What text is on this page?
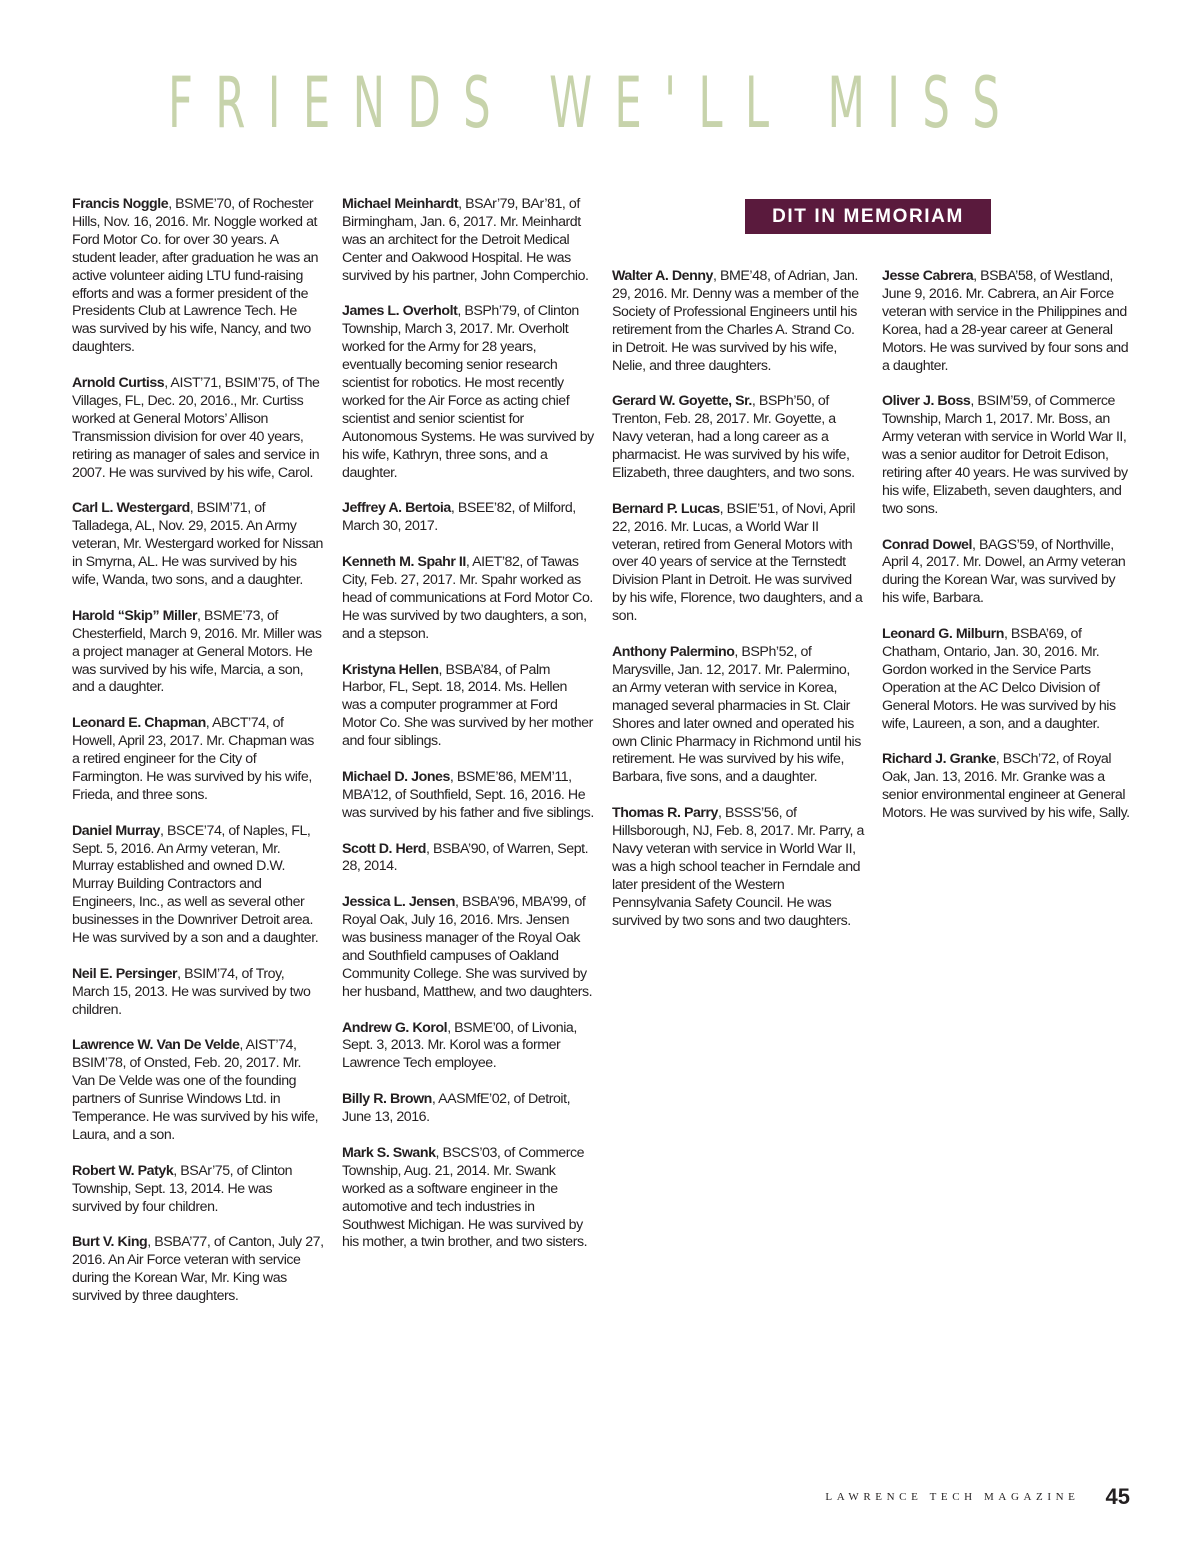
FRIENDS WE'LL MISS
DIT IN MEMORIAM

Francis Noggle, BSME’70, of Rochester Hills, Nov. 16, 2016. Mr. Noggle worked at Ford Motor Co. for over 30 years. A student leader, after graduation he was an active volunteer aiding LTU fund-raising efforts and was a former president of the Presidents Club at Lawrence Tech. He was survived by his wife, Nancy, and two daughters.

Arnold Curtiss, AIST’71, BSIM’75, of The Villages, FL, Dec. 20, 2016., Mr. Curtiss worked at General Motors’ Allison Transmission division for over 40 years, retiring as manager of sales and service in 2007. He was survived by his wife, Carol.

Carl L. Westergard, BSIM’71, of Talladega, AL, Nov. 29, 2015. An Army veteran, Mr. Westergard worked for Nissan in Smyrna, AL. He was survived by his wife, Wanda, two sons, and a daughter.

Harold “Skip” Miller, BSME’73, of Chesterfield, March 9, 2016. Mr. Miller was a project manager at General Motors. He was survived by his wife, Marcia, a son, and a daughter.

Leonard E. Chapman, ABCT’74, of Howell, April 23, 2017. Mr. Chapman was a retired engineer for the City of Farmington. He was survived by his wife, Frieda, and three sons.

Daniel Murray, BSCE’74, of Naples, FL, Sept. 5, 2016. An Army veteran, Mr. Murray established and owned D.W. Murray Building Contractors and Engineers, Inc., as well as several other businesses in the Downriver Detroit area. He was survived by a son and a daughter.

Neil E. Persinger, BSIM’74, of Troy, March 15, 2013. He was survived by two children.

Lawrence W. Van De Velde, AIST’74, BSIM’78, of Onsted, Feb. 20, 2017. Mr. Van De Velde was one of the founding partners of Sunrise Windows Ltd. in Temperance. He was survived by his wife, Laura, and a son.

Robert W. Patyk, BSAr’75, of Clinton Township, Sept. 13, 2014. He was survived by four children.

Burt V. King, BSBA’77, of Canton, July 27, 2016. An Air Force veteran with service during the Korean War, Mr. King was survived by three daughters.

Michael Meinhardt, BSAr’79, BAr’81, of Birmingham, Jan. 6, 2017. Mr. Meinhardt was an architect for the Detroit Medical Center and Oakwood Hospital. He was survived by his partner, John Comperchio.

James L. Overholt, BSPh’79, of Clinton Township, March 3, 2017. Mr. Overholt worked for the Army for 28 years, eventually becoming senior research scientist for robotics. He most recently worked for the Air Force as acting chief scientist and senior scientist for Autonomous Systems. He was survived by his wife, Kathryn, three sons, and a daughter.

Jeffrey A. Bertoia, BSEE’82, of Milford, March 30, 2017.

Kenneth M. Spahr II, AIET’82, of Tawas City, Feb. 27, 2017. Mr. Spahr worked as head of communications at Ford Motor Co. He was survived by two daughters, a son, and a stepson.

Kristyna Hellen, BSBA’84, of Palm Harbor, FL, Sept. 18, 2014. Ms. Hellen was a computer programmer at Ford Motor Co. She was survived by her mother and four siblings.

Michael D. Jones, BSME’86, MEM’11, MBA’12, of Southfield, Sept. 16, 2016. He was survived by his father and five siblings.

Scott D. Herd, BSBA’90, of Warren, Sept. 28, 2014.

Jessica L. Jensen, BSBA’96, MBA’99, of Royal Oak, July 16, 2016. Mrs. Jensen was business manager of the Royal Oak and Southfield campuses of Oakland Community College. She was survived by her husband, Matthew, and two daughters.

Andrew G. Korol, BSME’00, of Livonia, Sept. 3, 2013. Mr. Korol was a former Lawrence Tech employee.

Billy R. Brown, AASMfE’02, of Detroit, June 13, 2016.

Mark S. Swank, BSCS’03, of Commerce Township, Aug. 21, 2014. Mr. Swank worked as a software engineer in the automotive and tech industries in Southwest Michigan. He was survived by his mother, a twin brother, and two sisters.

Walter A. Denny, BME’48, of Adrian, Jan. 29, 2016. Mr. Denny was a member of the Society of Professional Engineers until his retirement from the Charles A. Strand Co. in Detroit. He was survived by his wife, Nelie, and three daughters.

Gerard W. Goyette, Sr., BSPh’50, of Trenton, Feb. 28, 2017. Mr. Goyette, a Navy veteran, had a long career as a pharmacist. He was survived by his wife, Elizabeth, three daughters, and two sons.

Bernard P. Lucas, BSIE’51, of Novi, April 22, 2016. Mr. Lucas, a World War II veteran, retired from General Motors with over 40 years of service at the Ternstedt Division Plant in Detroit. He was survived by his wife, Florence, two daughters, and a son.

Anthony Palermino, BSPh’52, of Marysville, Jan. 12, 2017. Mr. Palermino, an Army veteran with service in Korea, managed several pharmacies in St. Clair Shores and later owned and operated his own Clinic Pharmacy in Richmond until his retirement. He was survived by his wife, Barbara, five sons, and a daughter.

Thomas R. Parry, BSSS’56, of Hillsborough, NJ, Feb. 8, 2017. Mr. Parry, a Navy veteran with service in World War II, was a high school teacher in Ferndale and later president of the Western Pennsylvania Safety Council. He was survived by two sons and two daughters.

Jesse Cabrera, BSBA’58, of Westland, June 9, 2016. Mr. Cabrera, an Air Force veteran with service in the Philippines and Korea, had a 28-year career at General Motors. He was survived by four sons and a daughter.

Oliver J. Boss, BSIM’59, of Commerce Township, March 1, 2017. Mr. Boss, an Army veteran with service in World War II, was a senior auditor for Detroit Edison, retiring after 40 years. He was survived by his wife, Elizabeth, seven daughters, and two sons.

Conrad Dowel, BAGS’59, of Northville, April 4, 2017. Mr. Dowel, an Army veteran during the Korean War, was survived by his wife, Barbara.

Leonard G. Milburn, BSBA’69, of Chatham, Ontario, Jan. 30, 2016. Mr. Gordon worked in the Service Parts Operation at the AC Delco Division of General Motors. He was survived by his wife, Laureen, a son, and a daughter.

Richard J. Granke, BSCh’72, of Royal Oak, Jan. 13, 2016. Mr. Granke was a senior environmental engineer at General Motors. He was survived by his wife, Sally.

LAWRENCE TECH MAGAZINE 45
